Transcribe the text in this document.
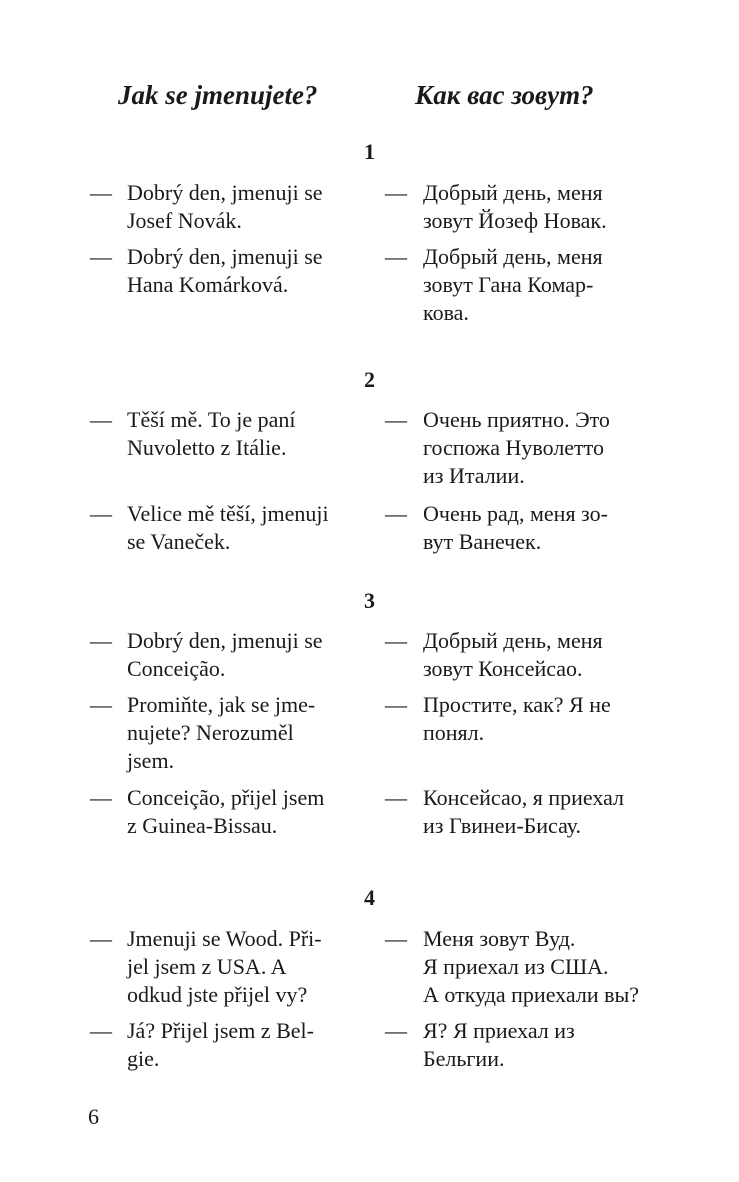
Jak se jmenujete?	Как вас зовут?
1
— Dobrý den, jmenuji se
Josef Novák.
— Добрый день, меня
зовут Йозеф Новак.
— Dobrý den, jmenuji se
Hana Komárková.
— Добрый день, меня
зовут Гана Комар-
кова.
2
— Těší mě. To je paní
Nuvoletto z Itálie.
— Очень приятно. Это
госпожа Нуволетто
из Италии.
— Velice mě těší, jmenuji
se Vaneček.
— Очень рад, меня зо-
вут Ванечек.
3
— Dobrý den, jmenuji se
Conceição.
— Добрый день, меня
зовут Консейсао.
— Promiňte, jak se jme-
nujete? Nerozuměl
jsem.
— Простите, как? Я не
понял.
— Conceição, přijel jsem
z Guinea-Bissau.
— Консейсао, я приехал
из Гвинеи-Бисау.
4
— Jmenuji se Wood. Při-
jel jsem z USA. A
odkud jste přijel vy?
— Меня зовут Вуд.
Я приехал из США.
А откуда приехали вы?
— Já? Přijel jsem z Bel-
gie.
— Я? Я приехал из
Бельгии.
6
